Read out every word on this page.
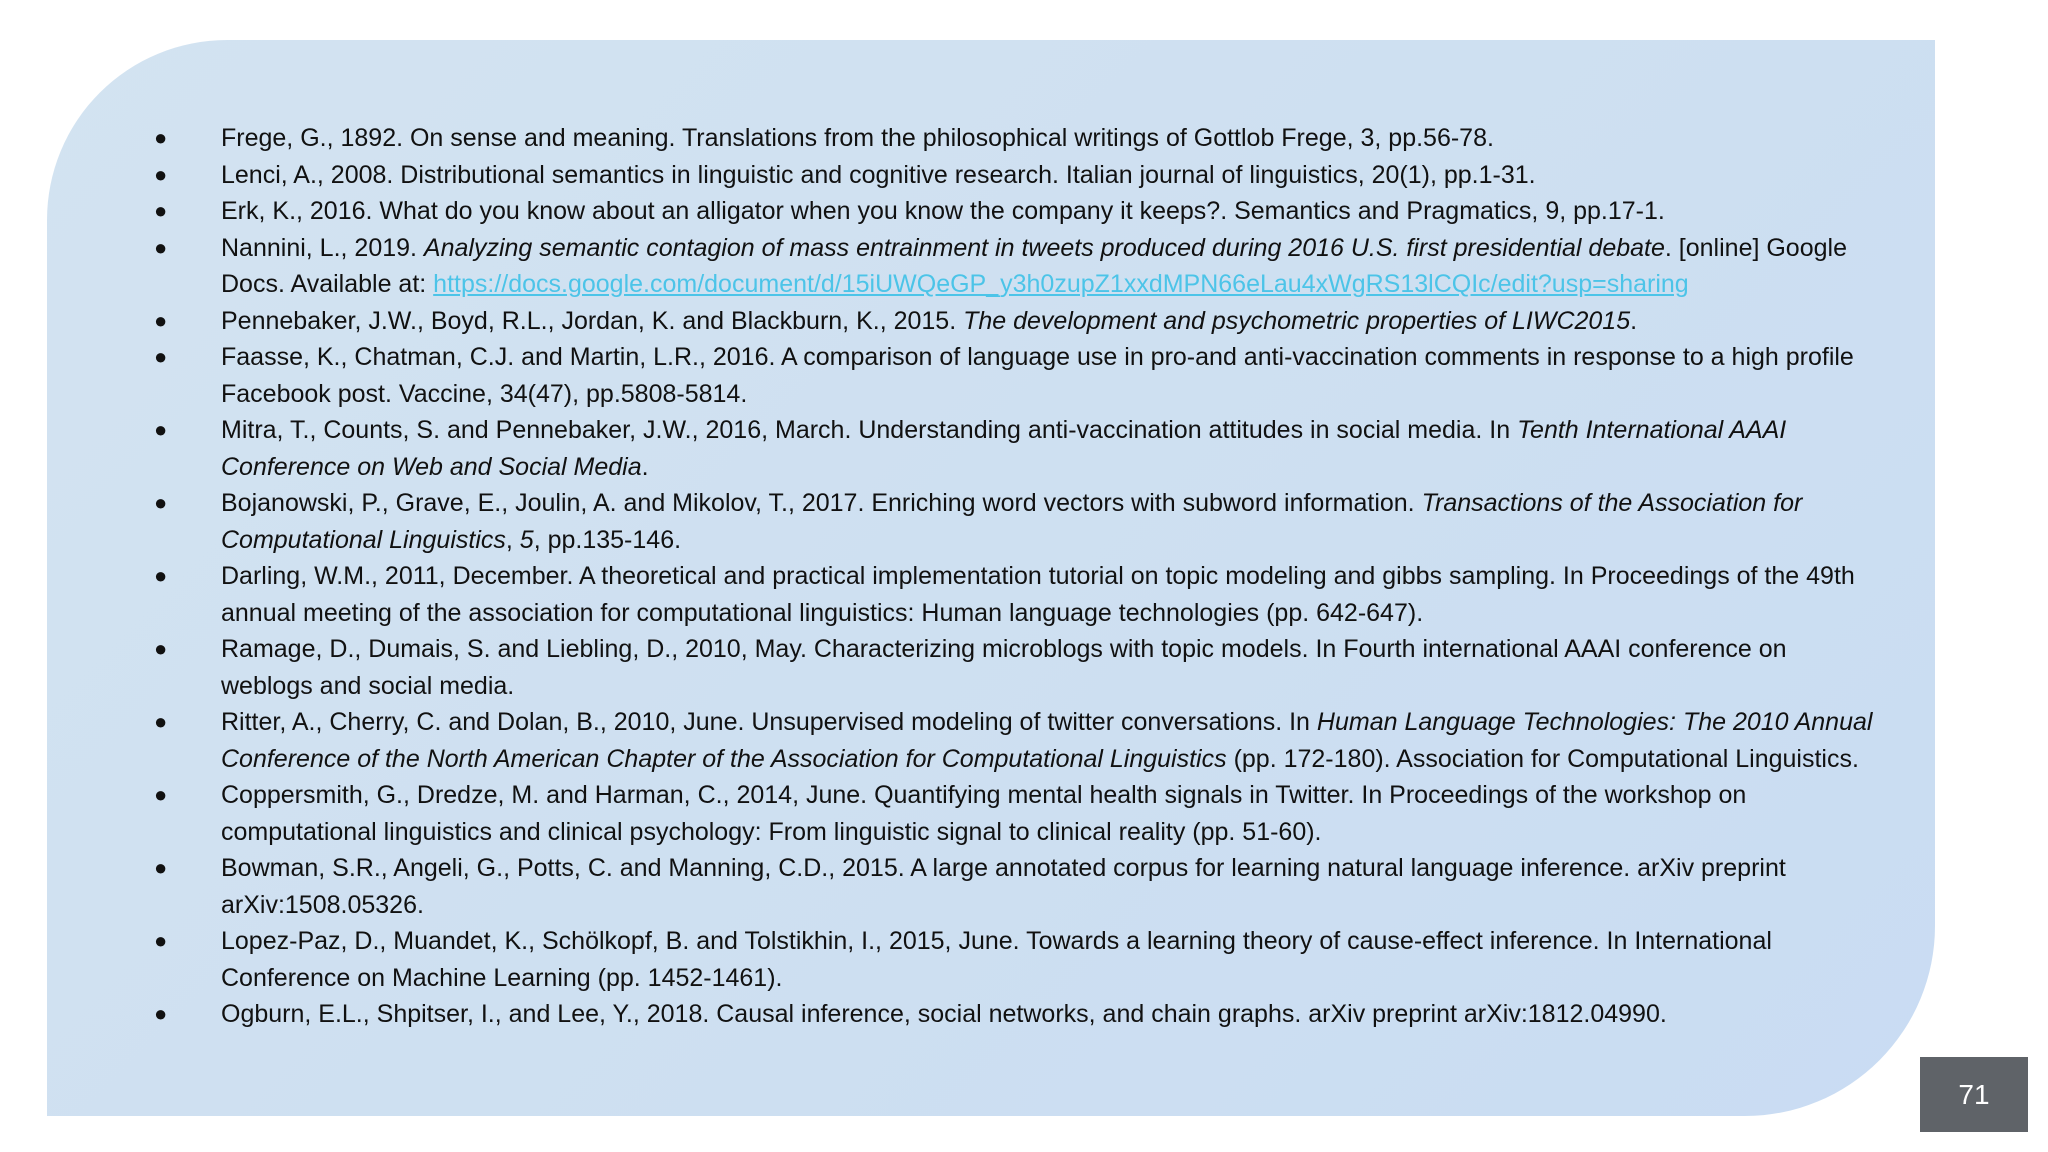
● Frege, G., 1892. On sense and meaning. Translations from the philosophical writings of Gottlob Frege, 3, pp.56-78.
● Lenci, A., 2008. Distributional semantics in linguistic and cognitive research. Italian journal of linguistics, 20(1), pp.1-31.
● Erk, K., 2016. What do you know about an alligator when you know the company it keeps?. Semantics and Pragmatics, 9, pp.17-1.
● Nannini, L., 2019. Analyzing semantic contagion of mass entrainment in tweets produced during 2016 U.S. first presidential debate. [online] Google Docs. Available at: https://docs.google.com/document/d/15iUWQeGP_y3h0zupZ1xxdMPN66eLau4xWgRS13lCQIc/edit?usp=sharing
● Pennebaker, J.W., Boyd, R.L., Jordan, K. and Blackburn, K., 2015. The development and psychometric properties of LIWC2015.
● Faasse, K., Chatman, C.J. and Martin, L.R., 2016. A comparison of language use in pro-and anti-vaccination comments in response to a high profile Facebook post. Vaccine, 34(47), pp.5808-5814.
● Mitra, T., Counts, S. and Pennebaker, J.W., 2016, March. Understanding anti-vaccination attitudes in social media. In Tenth International AAAI Conference on Web and Social Media.
● Bojanowski, P., Grave, E., Joulin, A. and Mikolov, T., 2017. Enriching word vectors with subword information. Transactions of the Association for Computational Linguistics, 5, pp.135-146.
● Darling, W.M., 2011, December. A theoretical and practical implementation tutorial on topic modeling and gibbs sampling. In Proceedings of the 49th annual meeting of the association for computational linguistics: Human language technologies (pp. 642-647).
● Ramage, D., Dumais, S. and Liebling, D., 2010, May. Characterizing microblogs with topic models. In Fourth international AAAI conference on weblogs and social media.
● Ritter, A., Cherry, C. and Dolan, B., 2010, June. Unsupervised modeling of twitter conversations. In Human Language Technologies: The 2010 Annual Conference of the North American Chapter of the Association for Computational Linguistics (pp. 172-180). Association for Computational Linguistics.
● Coppersmith, G., Dredze, M. and Harman, C., 2014, June. Quantifying mental health signals in Twitter. In Proceedings of the workshop on computational linguistics and clinical psychology: From linguistic signal to clinical reality (pp. 51-60).
● Bowman, S.R., Angeli, G., Potts, C. and Manning, C.D., 2015. A large annotated corpus for learning natural language inference. arXiv preprint arXiv:1508.05326.
● Lopez-Paz, D., Muandet, K., Schölkopf, B. and Tolstikhin, I., 2015, June. Towards a learning theory of cause-effect inference. In International Conference on Machine Learning (pp. 1452-1461).
● Ogburn, E.L., Shpitser, I., and Lee, Y., 2018. Causal inference, social networks, and chain graphs. arXiv preprint arXiv:1812.04990.
71
